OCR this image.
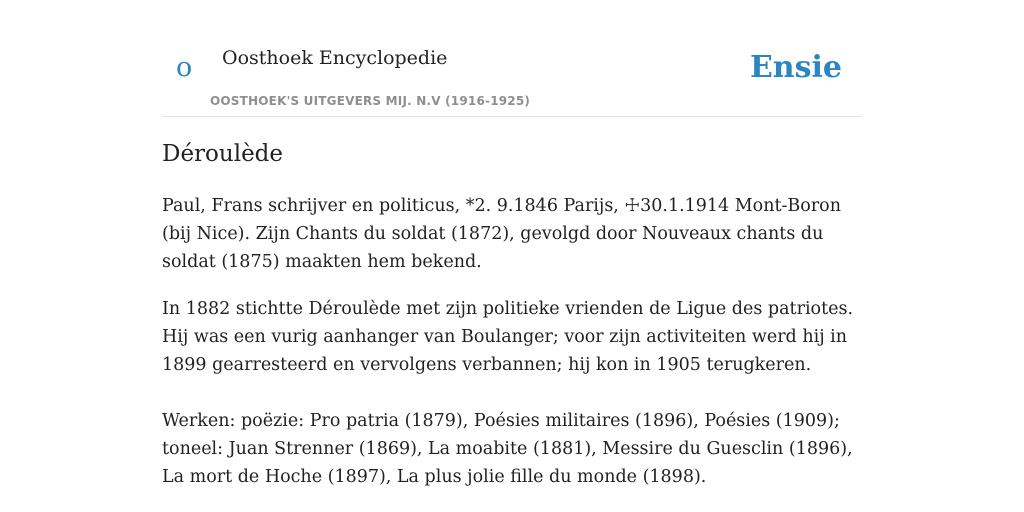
o Oosthoek Encyclopedie
OOSTHOEK'S UITGEVERS MIJ. N.V (1916-1925)
Ensie
Déroulède

Paul, Frans schrijver en politicus, *2. 9.1846 Parijs, ☩30.1.1914 Mont-Boron (bij Nice). Zijn Chants du soldat (1872), gevolgd door Nouveaux chants du soldat (1875) maakten hem bekend.

In 1882 stichtte Déroulède met zijn politieke vrienden de Ligue des patriotes. Hij was een vurig aanhanger van Boulanger; voor zijn activiteiten werd hij in 1899 gearresteerd en vervolgens verbannen; hij kon in 1905 terugkeren.

Werken: poëzie: Pro patria (1879), Poésies militaires (1896), Poésies (1909); toneel: Juan Strenner (1869), La moabite (1881), Messire du Guesclin (1896), La mort de Hoche (1897), La plus jolie fille du monde (1898).
